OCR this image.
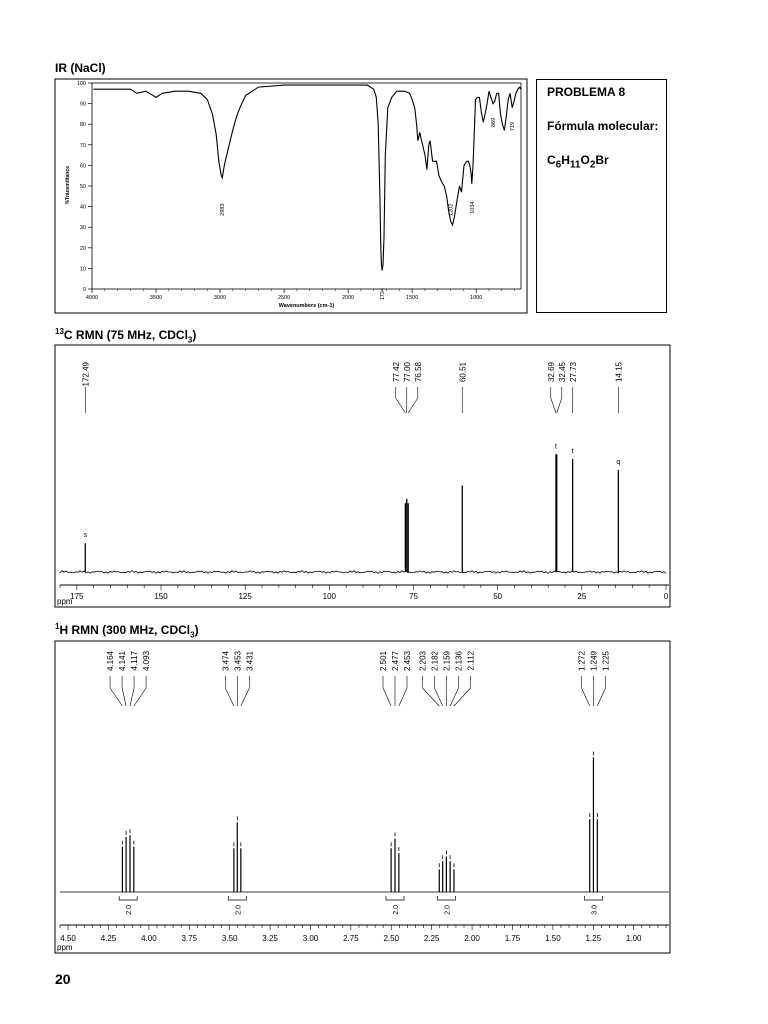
IR (NaCl)
$^{13}$C RMN (75 MHz, CDCl$_3$)
$^1$H RMN (300 MHz, CDCl$_3$)
PROBLEMA 8
Fórmula molecular:
$C_6H_{11}O_2Br$
0
10
20
30
40
50
60
70
80
90
100
4000	3500	3000	2500	2000	1500	1000
Wavenumbers (cm-1)
%Transmittance
2983
1734
1202	1034
869 719
175	150	125	100	75	50	25	0
ppm
s
t
t
q
172.49	77.42 77.00 76.58	60.51	32.69 32.45 27.73	14.15
4.50	4.25	4.00	3.75	3.50	3.25	3.00	2.75	2.50	2.25	2.00	1.75	1.50	1.25	1.00
ppm
2.0	2.0	2.0	2.0	3.0
4.164 4.141 4.117 4.093	3.474 3.453 3.431	2.501 2.477 2.453 2.203 2.182 2.159 2.136 2.112	1.272 1.249 1.225
20
